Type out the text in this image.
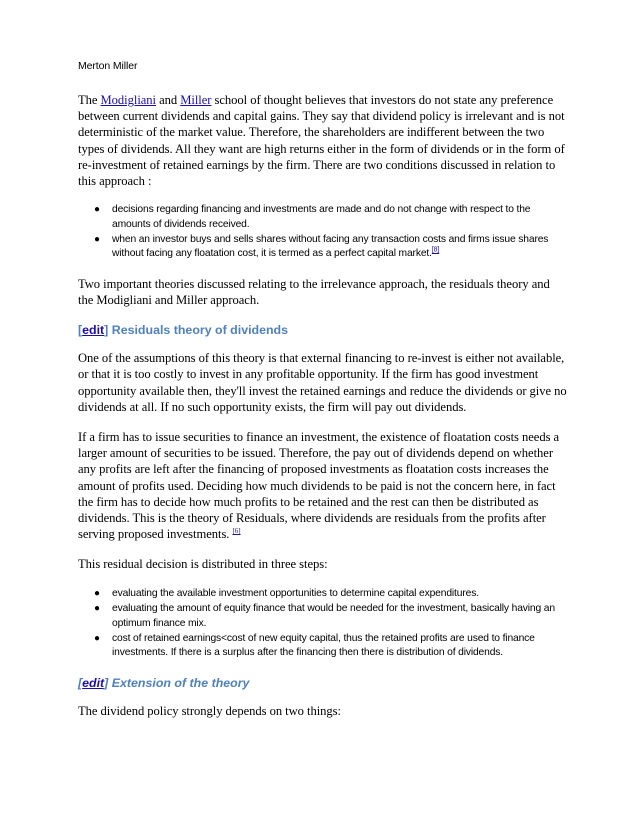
Merton Miller

The Modigliani and Miller school of thought believes that investors do not state any preference between current dividends and capital gains. They say that dividend policy is irrelevant and is not deterministic of the market value. Therefore, the shareholders are indifferent between the two types of dividends. All they want are high returns either in the form of dividends or in the form of re-investment of retained earnings by the firm. There are two conditions discussed in relation to this approach :

● decisions regarding financing and investments are made and do not change with respect to the amounts of dividends received.
● when an investor buys and sells shares without facing any transaction costs and firms issue shares without facing any floatation cost, it is termed as a perfect capital market.[8]

Two important theories discussed relating to the irrelevance approach, the residuals theory and the Modigliani and Miller approach.

[edit] Residuals theory of dividends

One of the assumptions of this theory is that external financing to re-invest is either not available, or that it is too costly to invest in any profitable opportunity. If the firm has good investment opportunity available then, they'll invest the retained earnings and reduce the dividends or give no dividends at all. If no such opportunity exists, the firm will pay out dividends.

If a firm has to issue securities to finance an investment, the existence of floatation costs needs a larger amount of securities to be issued. Therefore, the pay out of dividends depend on whether any profits are left after the financing of proposed investments as floatation costs increases the amount of profits used. Deciding how much dividends to be paid is not the concern here, in fact the firm has to decide how much profits to be retained and the rest can then be distributed as dividends. This is the theory of Residuals, where dividends are residuals from the profits after serving proposed investments. [6]

This residual decision is distributed in three steps:

● evaluating the available investment opportunities to determine capital expenditures.
● evaluating the amount of equity finance that would be needed for the investment, basically having an optimum finance mix.
● cost of retained earnings<cost of new equity capital, thus the retained profits are used to finance investments. If there is a surplus after the financing then there is distribution of dividends.
[edit] Extension of the theory

The dividend policy strongly depends on two things:
